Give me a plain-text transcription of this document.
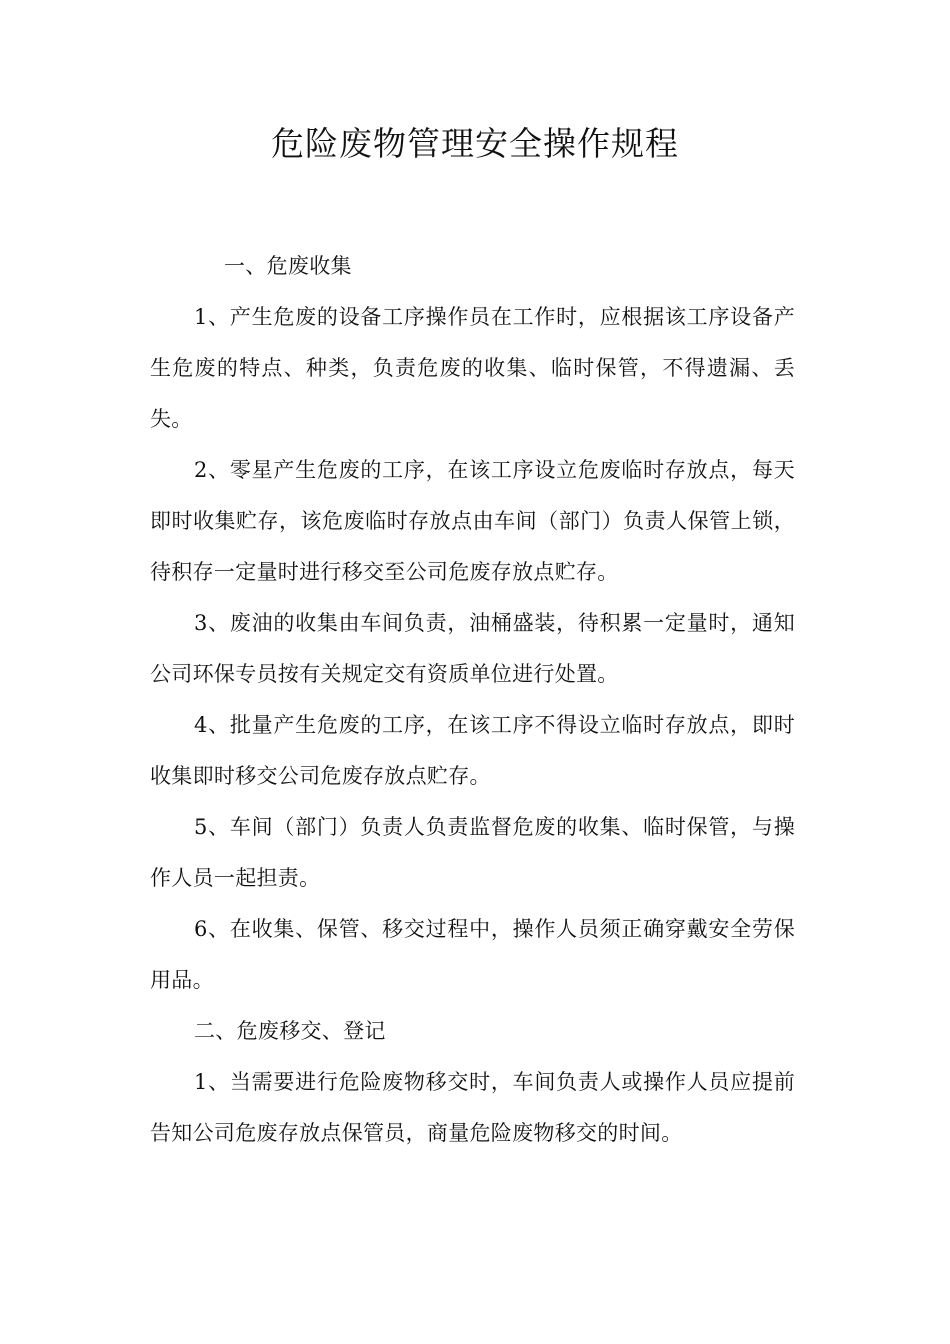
危险废物管理安全操作规程

一、危废收集

1、产生危废的设备工序操作员在工作时，应根据该工序设备产生危废的特点、种类，负责危废的收集、临时保管，不得遗漏、丢失。

2、零星产生危废的工序，在该工序设立危废临时存放点，每天即时收集贮存，该危废临时存放点由车间（部门）负责人保管上锁，待积存一定量时进行移交至公司危废存放点贮存。

3、废油的收集由车间负责，油桶盛装，待积累一定量时，通知公司环保专员按有关规定交有资质单位进行处置。

4、批量产生危废的工序，在该工序不得设立临时存放点，即时收集即时移交公司危废存放点贮存。

5、车间（部门）负责人负责监督危废的收集、临时保管，与操作人员一起担责。

6、在收集、保管、移交过程中，操作人员须正确穿戴安全劳保用品。

二、危废移交、登记

1、当需要进行危险废物移交时，车间负责人或操作人员应提前告知公司危废存放点保管员，商量危险废物移交的时间。
